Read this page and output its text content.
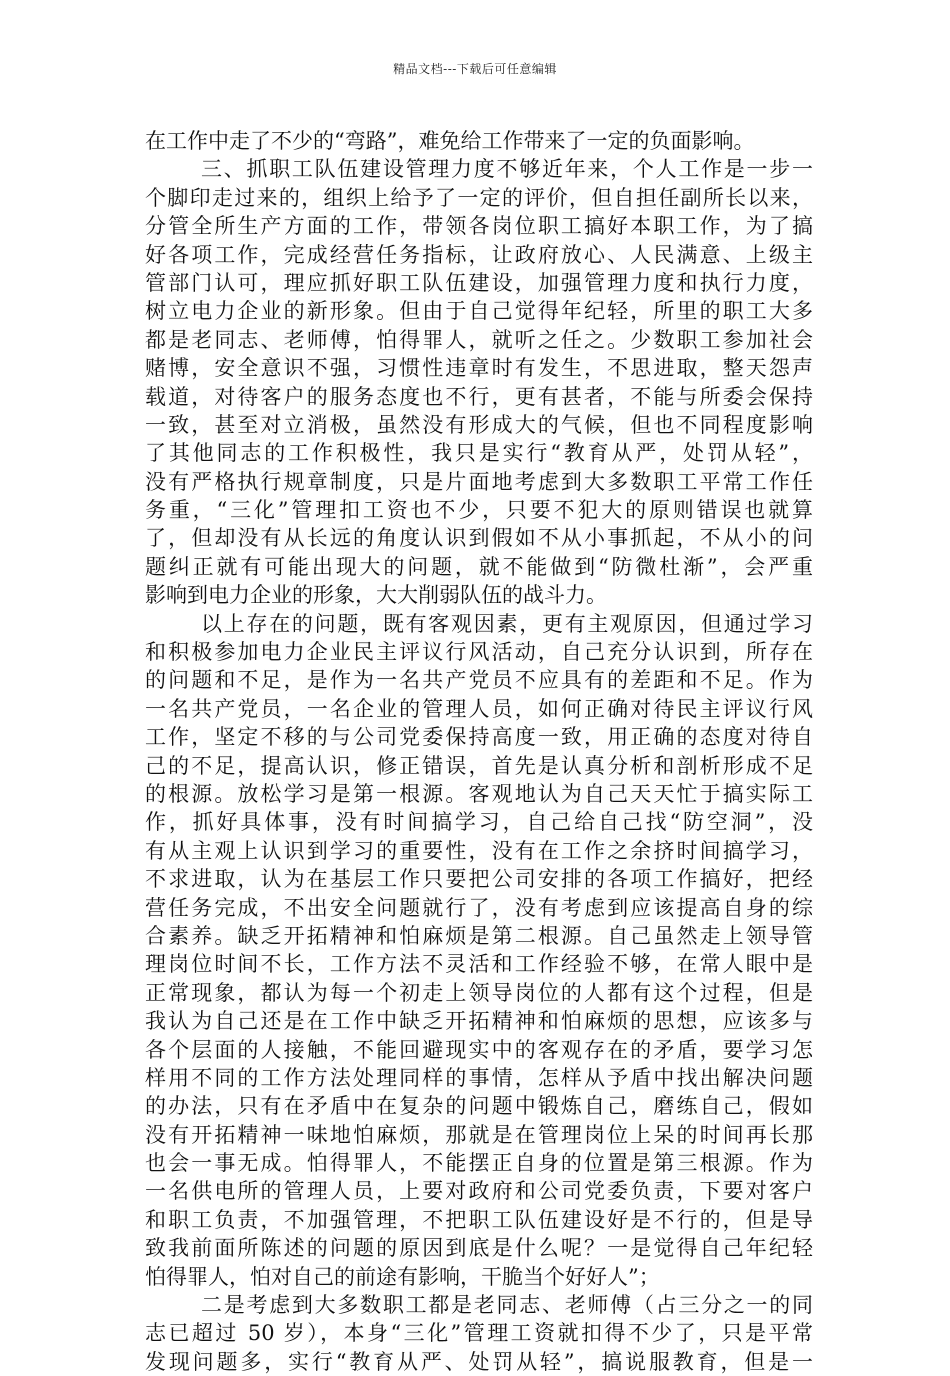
精品文档---下载后可任意编辑
在工作中走了不少的“弯路”，难免给工作带来了一定的负面影响。
三、抓职工队伍建设管理力度不够近年来，个人工作是一步一
个脚印走过来的，组织上给予了一定的评价，但自担任副所长以来，
分管全所生产方面的工作，带领各岗位职工搞好本职工作，为了搞
好各项工作，完成经营任务指标，让政府放心、人民满意、上级主
管部门认可，理应抓好职工队伍建设，加强管理力度和执行力度，
树立电力企业的新形象。但由于自己觉得年纪轻，所里的职工大多
都是老同志、老师傅，怕得罪人，就听之任之。少数职工参加社会
赌博，安全意识不强，习惯性违章时有发生，不思进取，整天怨声
载道，对待客户的服务态度也不行，更有甚者，不能与所委会保持
一致，甚至对立消极，虽然没有形成大的气候，但也不同程度影响
了其他同志的工作积极性，我只是实行“教育从严，处罚从轻”，
没有严格执行规章制度，只是片面地考虑到大多数职工平常工作任
务重，“三化”管理扣工资也不少，只要不犯大的原则错误也就算
了，但却没有从长远的角度认识到假如不从小事抓起，不从小的问
题纠正就有可能出现大的问题，就不能做到“防微杜渐”，会严重
影响到电力企业的形象，大大削弱队伍的战斗力。
以上存在的问题，既有客观因素，更有主观原因，但通过学习
和积极参加电力企业民主评议行风活动，自己充分认识到，所存在
的问题和不足，是作为一名共产党员不应具有的差距和不足。作为
一名共产党员，一名企业的管理人员，如何正确对待民主评议行风
工作，坚定不移的与公司党委保持高度一致，用正确的态度对待自
己的不足，提高认识，修正错误，首先是认真分析和剖析形成不足
的根源。放松学习是第一根源。客观地认为自己天天忙于搞实际工
作，抓好具体事，没有时间搞学习，自己给自己找“防空洞”，没
有从主观上认识到学习的重要性，没有在工作之余挤时间搞学习，
不求进取，认为在基层工作只要把公司安排的各项工作搞好，把经
营任务完成，不出安全问题就行了，没有考虑到应该提高自身的综
合素养。缺乏开拓精神和怕麻烦是第二根源。自己虽然走上领导管
理岗位时间不长，工作方法不灵活和工作经验不够，在常人眼中是
正常现象，都认为每一个初走上领导岗位的人都有这个过程，但是
我认为自己还是在工作中缺乏开拓精神和怕麻烦的思想，应该多与
各个层面的人接触，不能回避现实中的客观存在的矛盾，要学习怎
样用不同的工作方法处理同样的事情，怎样从予盾中找出解决问题
的办法，只有在矛盾中在复杂的问题中锻炼自己，磨练自己，假如
没有开拓精神一味地怕麻烦，那就是在管理岗位上呆的时间再长那
也会一事无成。怕得罪人，不能摆正自身的位置是第三根源。作为
一名供电所的管理人员，上要对政府和公司党委负责，下要对客户
和职工负责，不加强管理，不把职工队伍建设好是不行的，但是导
致我前面所陈述的问题的原因到底是什么呢？一是觉得自己年纪轻
怕得罪人，怕对自己的前途有影响，干脆当个好好人”；
二是考虑到大多数职工都是老同志、老师傅（占三分之一的同
志已超过 50 岁），本身“三化”管理工资就扣得不少了，只是平常
发现问题多，实行“教育从严、处罚从轻”，搞说服教育，但是一
